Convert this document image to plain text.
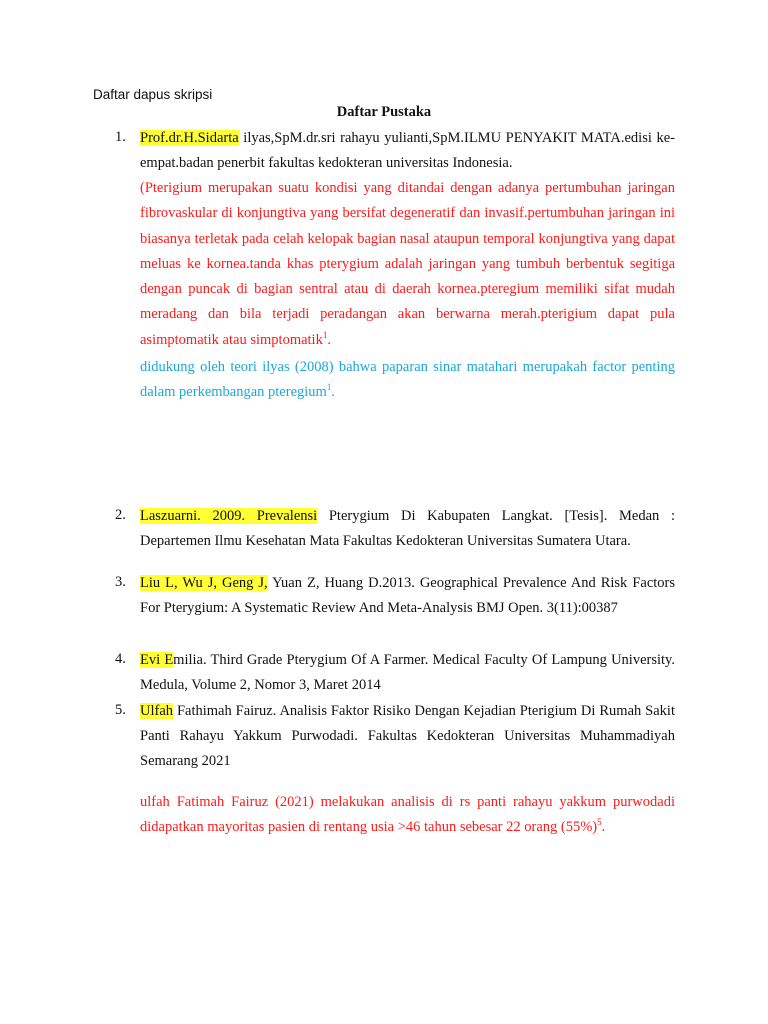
Daftar dapus skripsi
Daftar Pustaka
1. Prof.dr.H.Sidarta ilyas,SpM.dr.sri rahayu yulianti,SpM.ILMU PENYAKIT MATA.edisi ke-empat.badan penerbit fakultas kedokteran universitas Indonesia.

(Pterigium merupakan suatu kondisi yang ditandai dengan adanya pertumbuhan jaringan fibrovaskular di konjungtiva yang bersifat degeneratif dan invasif.pertumbuhan jaringan ini biasanya terletak pada celah kelopak bagian nasal ataupun temporal konjungtiva yang dapat meluas ke kornea.tanda khas pterygium adalah jaringan yang tumbuh berbentuk segitiga dengan puncak di bagian sentral atau di daerah kornea.pteregium memiliki sifat mudah meradang dan bila terjadi peradangan akan berwarna merah.pterigium dapat pula asimptomatik atau simptomatik$^1$.

didukung oleh teori ilyas (2008) bahwa paparan sinar matahari merupakah factor penting dalam perkembangan pteregium$^1$.

2. Laszuarni. 2009. Prevalensi Pterygium Di Kabupaten Langkat. [Tesis]. Medan : Departemen Ilmu Kesehatan Mata Fakultas Kedokteran Universitas Sumatera Utara.

3. Liu L, Wu J, Geng J, Yuan Z, Huang D.2013. Geographical Prevalence And Risk Factors For Pterygium: A Systematic Review And Meta-Analysis BMJ Open. 3(11):00387

4. Evi Emilia. Third Grade Pterygium Of A Farmer. Medical Faculty Of Lampung University. Medula, Volume 2, Nomor 3, Maret 2014

5. Ulfah Fathimah Fairuz. Analisis Faktor Risiko Dengan Kejadian Pterigium Di Rumah Sakit Panti Rahayu Yakkum Purwodadi. Fakultas Kedokteran Universitas Muhammadiyah Semarang 2021

ulfah Fatimah Fairuz (2021) melakukan analisis di rs panti rahayu yakkum purwodadi didapatkan mayoritas pasien di rentang usia >46 tahun sebesar 22 orang $(55\%)^5$.
